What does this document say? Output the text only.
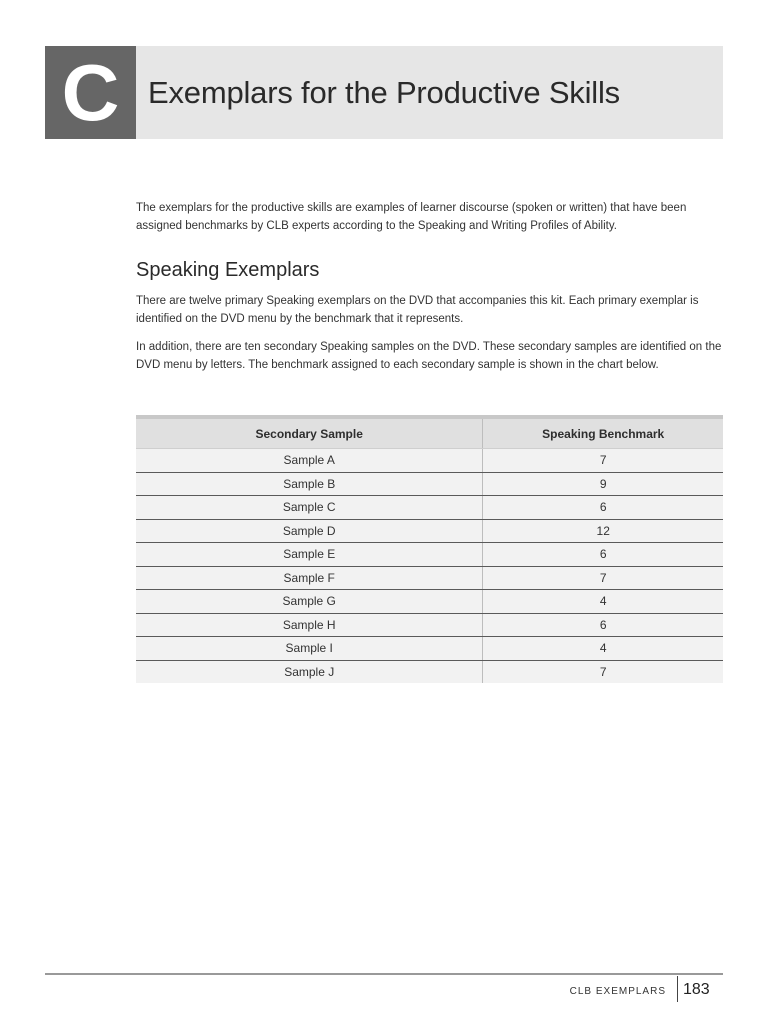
C Exemplars for the Productive Skills

The exemplars for the productive skills are examples of learner discourse (spoken or written) that have been assigned benchmarks by CLB experts according to the Speaking and Writing Profiles of Ability.

Speaking Exemplars

There are twelve primary Speaking exemplars on the DVD that accompanies this kit. Each primary exemplar is identified on the DVD menu by the benchmark that it represents.

In addition, there are ten secondary Speaking samples on the DVD. These secondary samples are identified on the DVD menu by letters. The benchmark assigned to each secondary sample is shown in the chart below.

Secondary Sample	Speaking Benchmark
Sample A	7
Sample B	9
Sample C	6
Sample D	12
Sample E	6
Sample F	7
Sample G	4
Sample H	6
Sample I	4
Sample J	7
CLB EXEMPLARS 183
